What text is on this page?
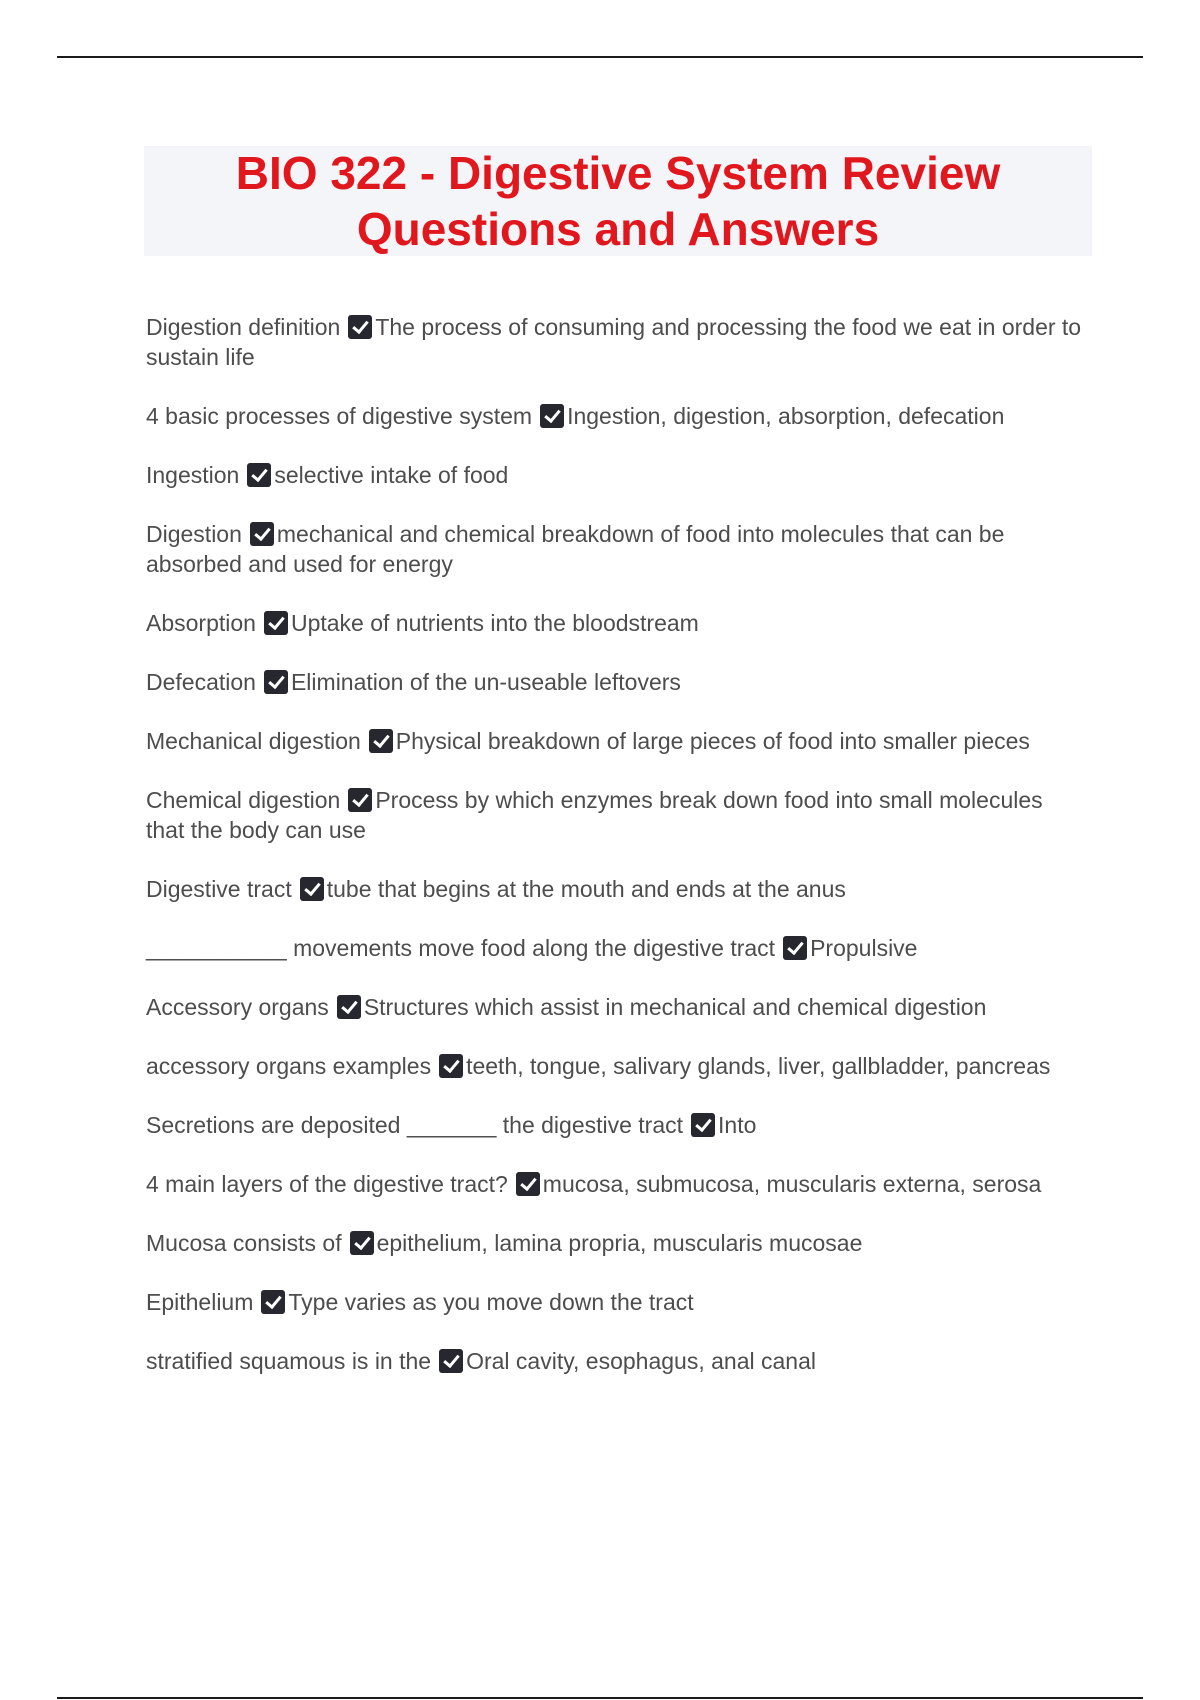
BIO 322 - Digestive System Review
Questions and Answers
Digestion definition The process of consuming and processing the food we eat in order to sustain life
4 basic processes of digestive system Ingestion, digestion, absorption, defecation
Ingestion selective intake of food
Digestion mechanical and chemical breakdown of food into molecules that can be absorbed and used for energy
Absorption Uptake of nutrients into the bloodstream
Defecation Elimination of the un-useable leftovers
Mechanical digestion Physical breakdown of large pieces of food into smaller pieces
Chemical digestion Process by which enzymes break down food into small molecules that the body can use
Digestive tract tube that begins at the mouth and ends at the anus
___________ movements move food along the digestive tract Propulsive
Accessory organs Structures which assist in mechanical and chemical digestion
accessory organs examples teeth, tongue, salivary glands, liver, gallbladder, pancreas
Secretions are deposited _______ the digestive tract Into
4 main layers of the digestive tract? mucosa, submucosa, muscularis externa, serosa
Mucosa consists of epithelium, lamina propria, muscularis mucosae
Epithelium Type varies as you move down the tract
stratified squamous is in the Oral cavity, esophagus, anal canal
